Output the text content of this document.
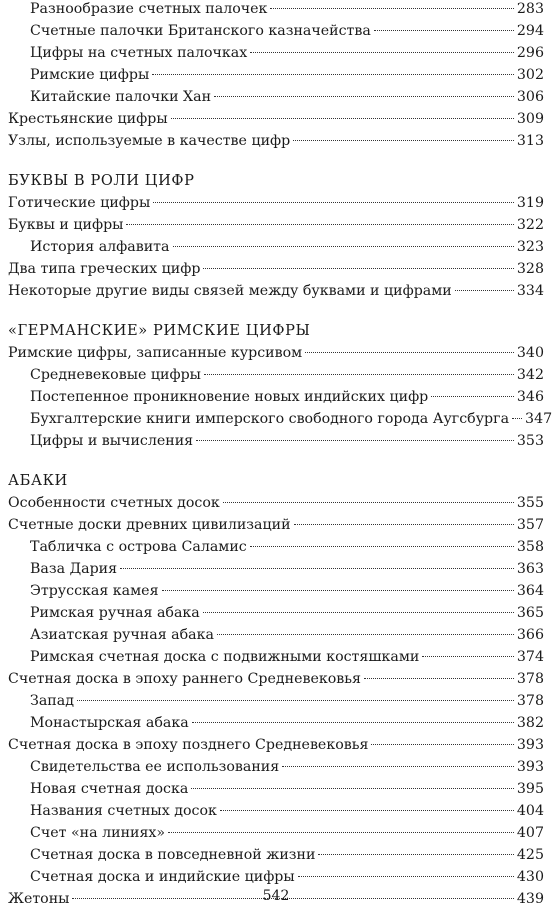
Разнообразие счетных палочек	283
Счетные палочки Британского казначейства	294
Цифры на счетных палочках	296
Римские цифры	302
Китайские палочки Хан	306
Крестьянские цифры	309
Узлы, используемые в качестве цифр	313
БУКВЫ В РОЛИ ЦИФР
Готические цифры	319
Буквы и цифры	322
История алфавита	323
Два типа греческих цифр	328
Некоторые другие виды связей между буквами и цифрами	334
«ГЕРМАНСКИЕ» РИМСКИЕ ЦИФРЫ
Римские цифры, записанные курсивом	340
Средневековые цифры	342
Постепенное проникновение новых индийских цифр	346
Бухгалтерские книги имперского свободного города Аугсбурга 347
Цифры и вычисления	353
АБАКИ
Особенности счетных досок	355
Счетные доски древних цивилизаций	357
Табличка с острова Саламис	358
Ваза Дария	363
Этрусская камея	364
Римская ручная абака	365
Азиатская ручная абака	366
Римская счетная доска с подвижными костяшками	374
Счетная доска в эпоху раннего Средневековья	378
Запад	378
Монастырская абака	382
Счетная доска в эпоху позднего Средневековья	393
Свидетельства ее использования	393
Новая счетная доска	395
Названия счетных досок	404
Счет «на линиях»	407
Счетная доска в повседневной жизни	425
Счетная доска и индийские цифры	430
Жетоны	439
542
